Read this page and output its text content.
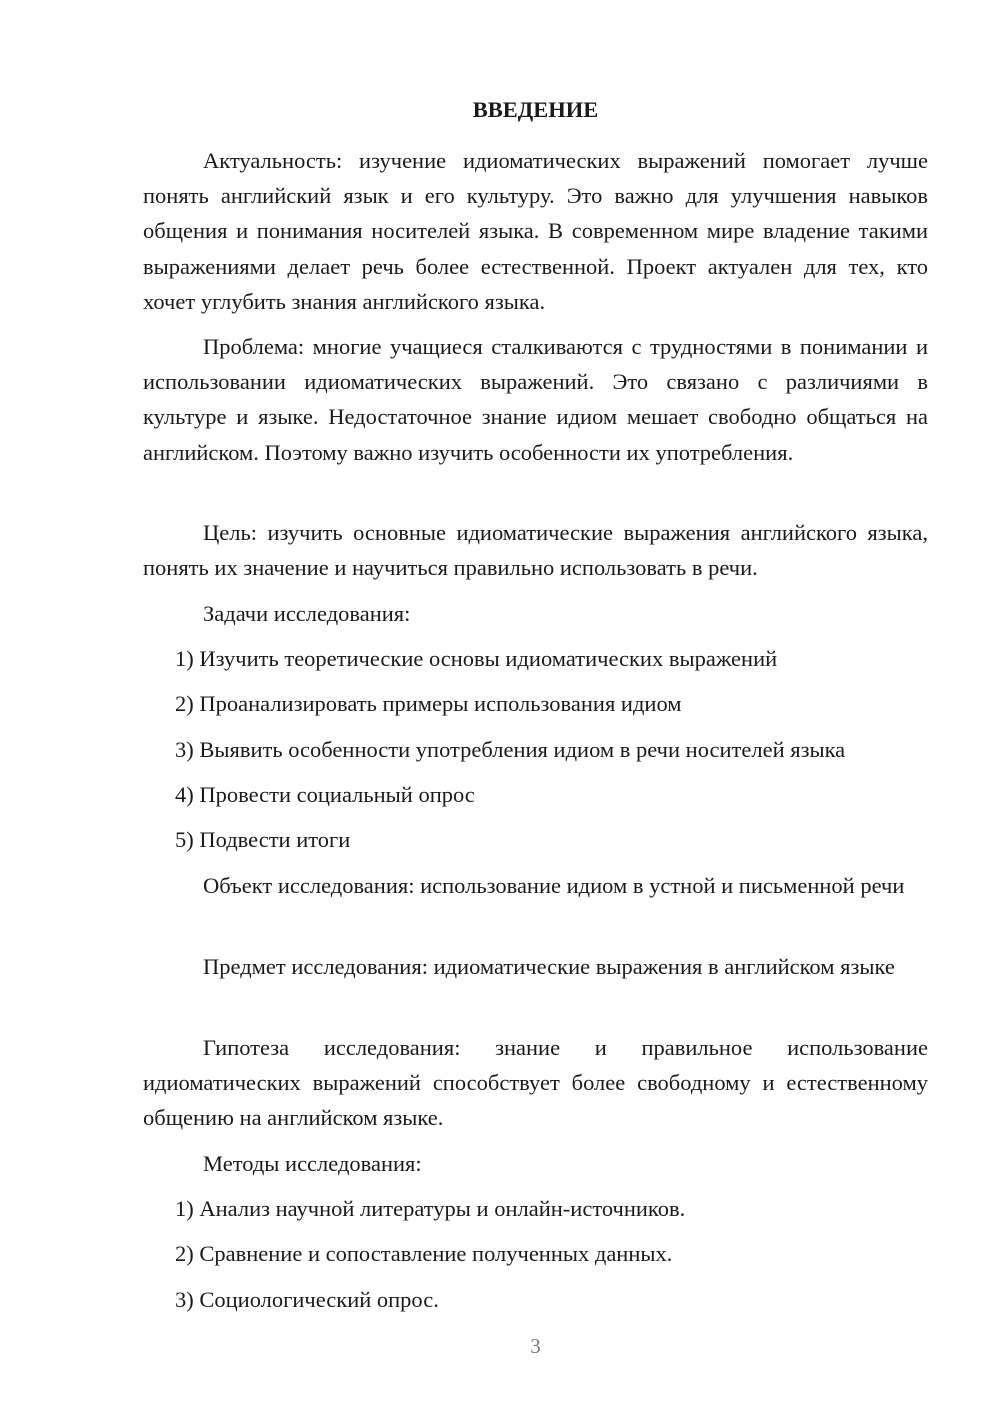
ВВЕДЕНИЕ

Актуальность: изучение идиоматических выражений помогает лучше понять английский язык и его культуру. Это важно для улучшения навыков общения и понимания носителей языка. В современном мире владение такими выражениями делает речь более естественной. Проект актуален для тех, кто хочет углубить знания английского языка.

Проблема: многие учащиеся сталкиваются с трудностями в понимании и использовании идиоматических выражений. Это связано с различиями в культуре и языке. Недостаточное знание идиом мешает свободно общаться на английском. Поэтому важно изучить особенности их употребления.

Цель: изучить основные идиоматические выражения английского языка, понять их значение и научиться правильно использовать в речи.

Задачи исследования:

1) Изучить теоретические основы идиоматических выражений

2) Проанализировать примеры использования идиом

3) Выявить особенности употребления идиом в речи носителей языка

4) Провести социальный опрос

5) Подвести итоги

Объект исследования: использование идиом в устной и письменной речи

Предмет исследования: идиоматические выражения в английском языке

Гипотеза исследования: знание и правильное использование идиоматических выражений способствует более свободному и естественному общению на английском языке.

Методы исследования:

1) Анализ научной литературы и онлайн-источников.

2) Сравнение и сопоставление полученных данных.

3) Социологический опрос.

3
